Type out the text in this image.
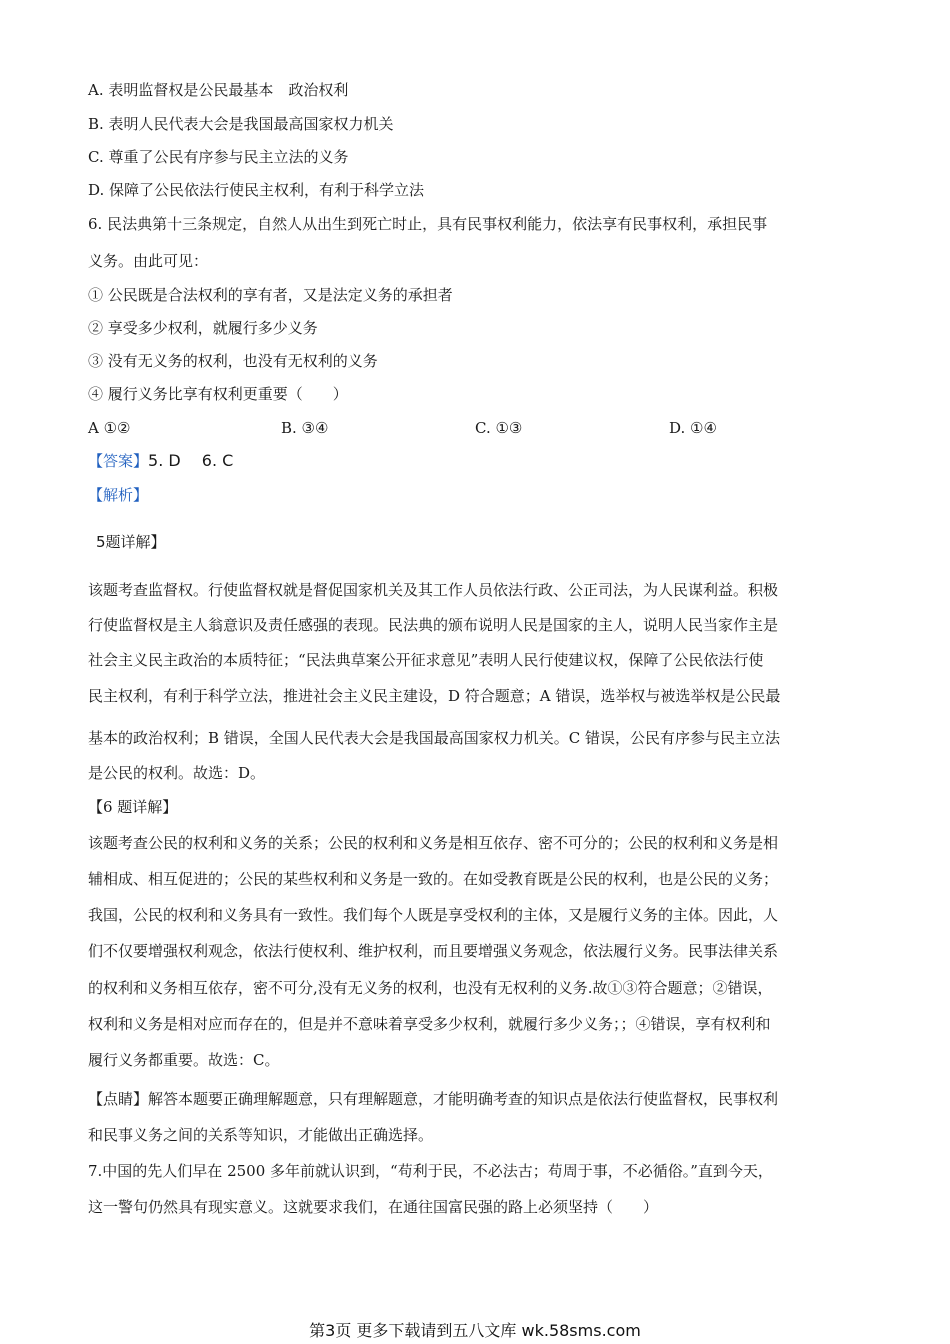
A. 表明监督权是公民最基本　政治权利
B. 表明人民代表大会是我国最高国家权力机关
C. 尊重了公民有序参与民主立法的义务
D. 保障了公民依法行使民主权利，有利于科学立法
6. 民法典第十三条规定，自然人从出生到死亡时止，具有民事权利能力，依法享有民事权利，承担民事
义务。由此可见：
① 公民既是合法权利的享有者，又是法定义务的承担者
② 享受多少权利，就履行多少义务
③ 没有无义务的权利，也没有无权利的义务
④ 履行义务比享有权利更重要（　　）
A ①②	B. ③④	C. ①③	D. ①④
【答案】5. D　 6. C
【解析】
5题详解】
该题考查监督权。行使监督权就是督促国家机关及其工作人员依法行政、公正司法，为人民谋利益。积极
行使监督权是主人翁意识及责任感强的表现。民法典的颁布说明人民是国家的主人，说明人民当家作主是
社会主义民主政治的本质特征；“民法典草案公开征求意见”表明人民行使建议权，保障了公民依法行使
民主权利，有利于科学立法，推进社会主义民主建设，D 符合题意；A 错误，选举权与被选举权是公民最
基本的政治权利；B 错误，全国人民代表大会是我国最高国家权力机关。C 错误，公民有序参与民主立法
是公民的权利。故选：D。
【6 题详解】
该题考查公民的权利和义务的关系；公民的权利和义务是相互依存、密不可分的；公民的权利和义务是相
辅相成、相互促进的；公民的某些权利和义务是一致的。在如受教育既是公民的权利，也是公民的义务；
我国，公民的权利和义务具有一致性。我们每个人既是享受权利的主体，又是履行义务的主体。因此，人
们不仅要增强权利观念，依法行使权利、维护权利，而且要增强义务观念，依法履行义务。民事法律关系
的权利和义务相互依存，密不可分,没有无义务的权利，也没有无权利的义务.故①③符合题意；②错误，
权利和义务是相对应而存在的，但是并不意味着享受多少权利，就履行多少义务；；④错误，享有权利和
履行义务都重要。故选：C。
【点睛】解答本题要正确理解题意，只有理解题意，才能明确考查的知识点是依法行使监督权，民事权利
和民事义务之间的关系等知识，才能做出正确选择。
7.中国的先人们早在 2500 多年前就认识到，“苟利于民，不必法古；苟周于事，不必循俗。”直到今天，
这一警句仍然具有现实意义。这就要求我们，在通往国富民强的路上必须坚持（　　）
第3页 更多下载请到五八文库 wk.58sms.com
